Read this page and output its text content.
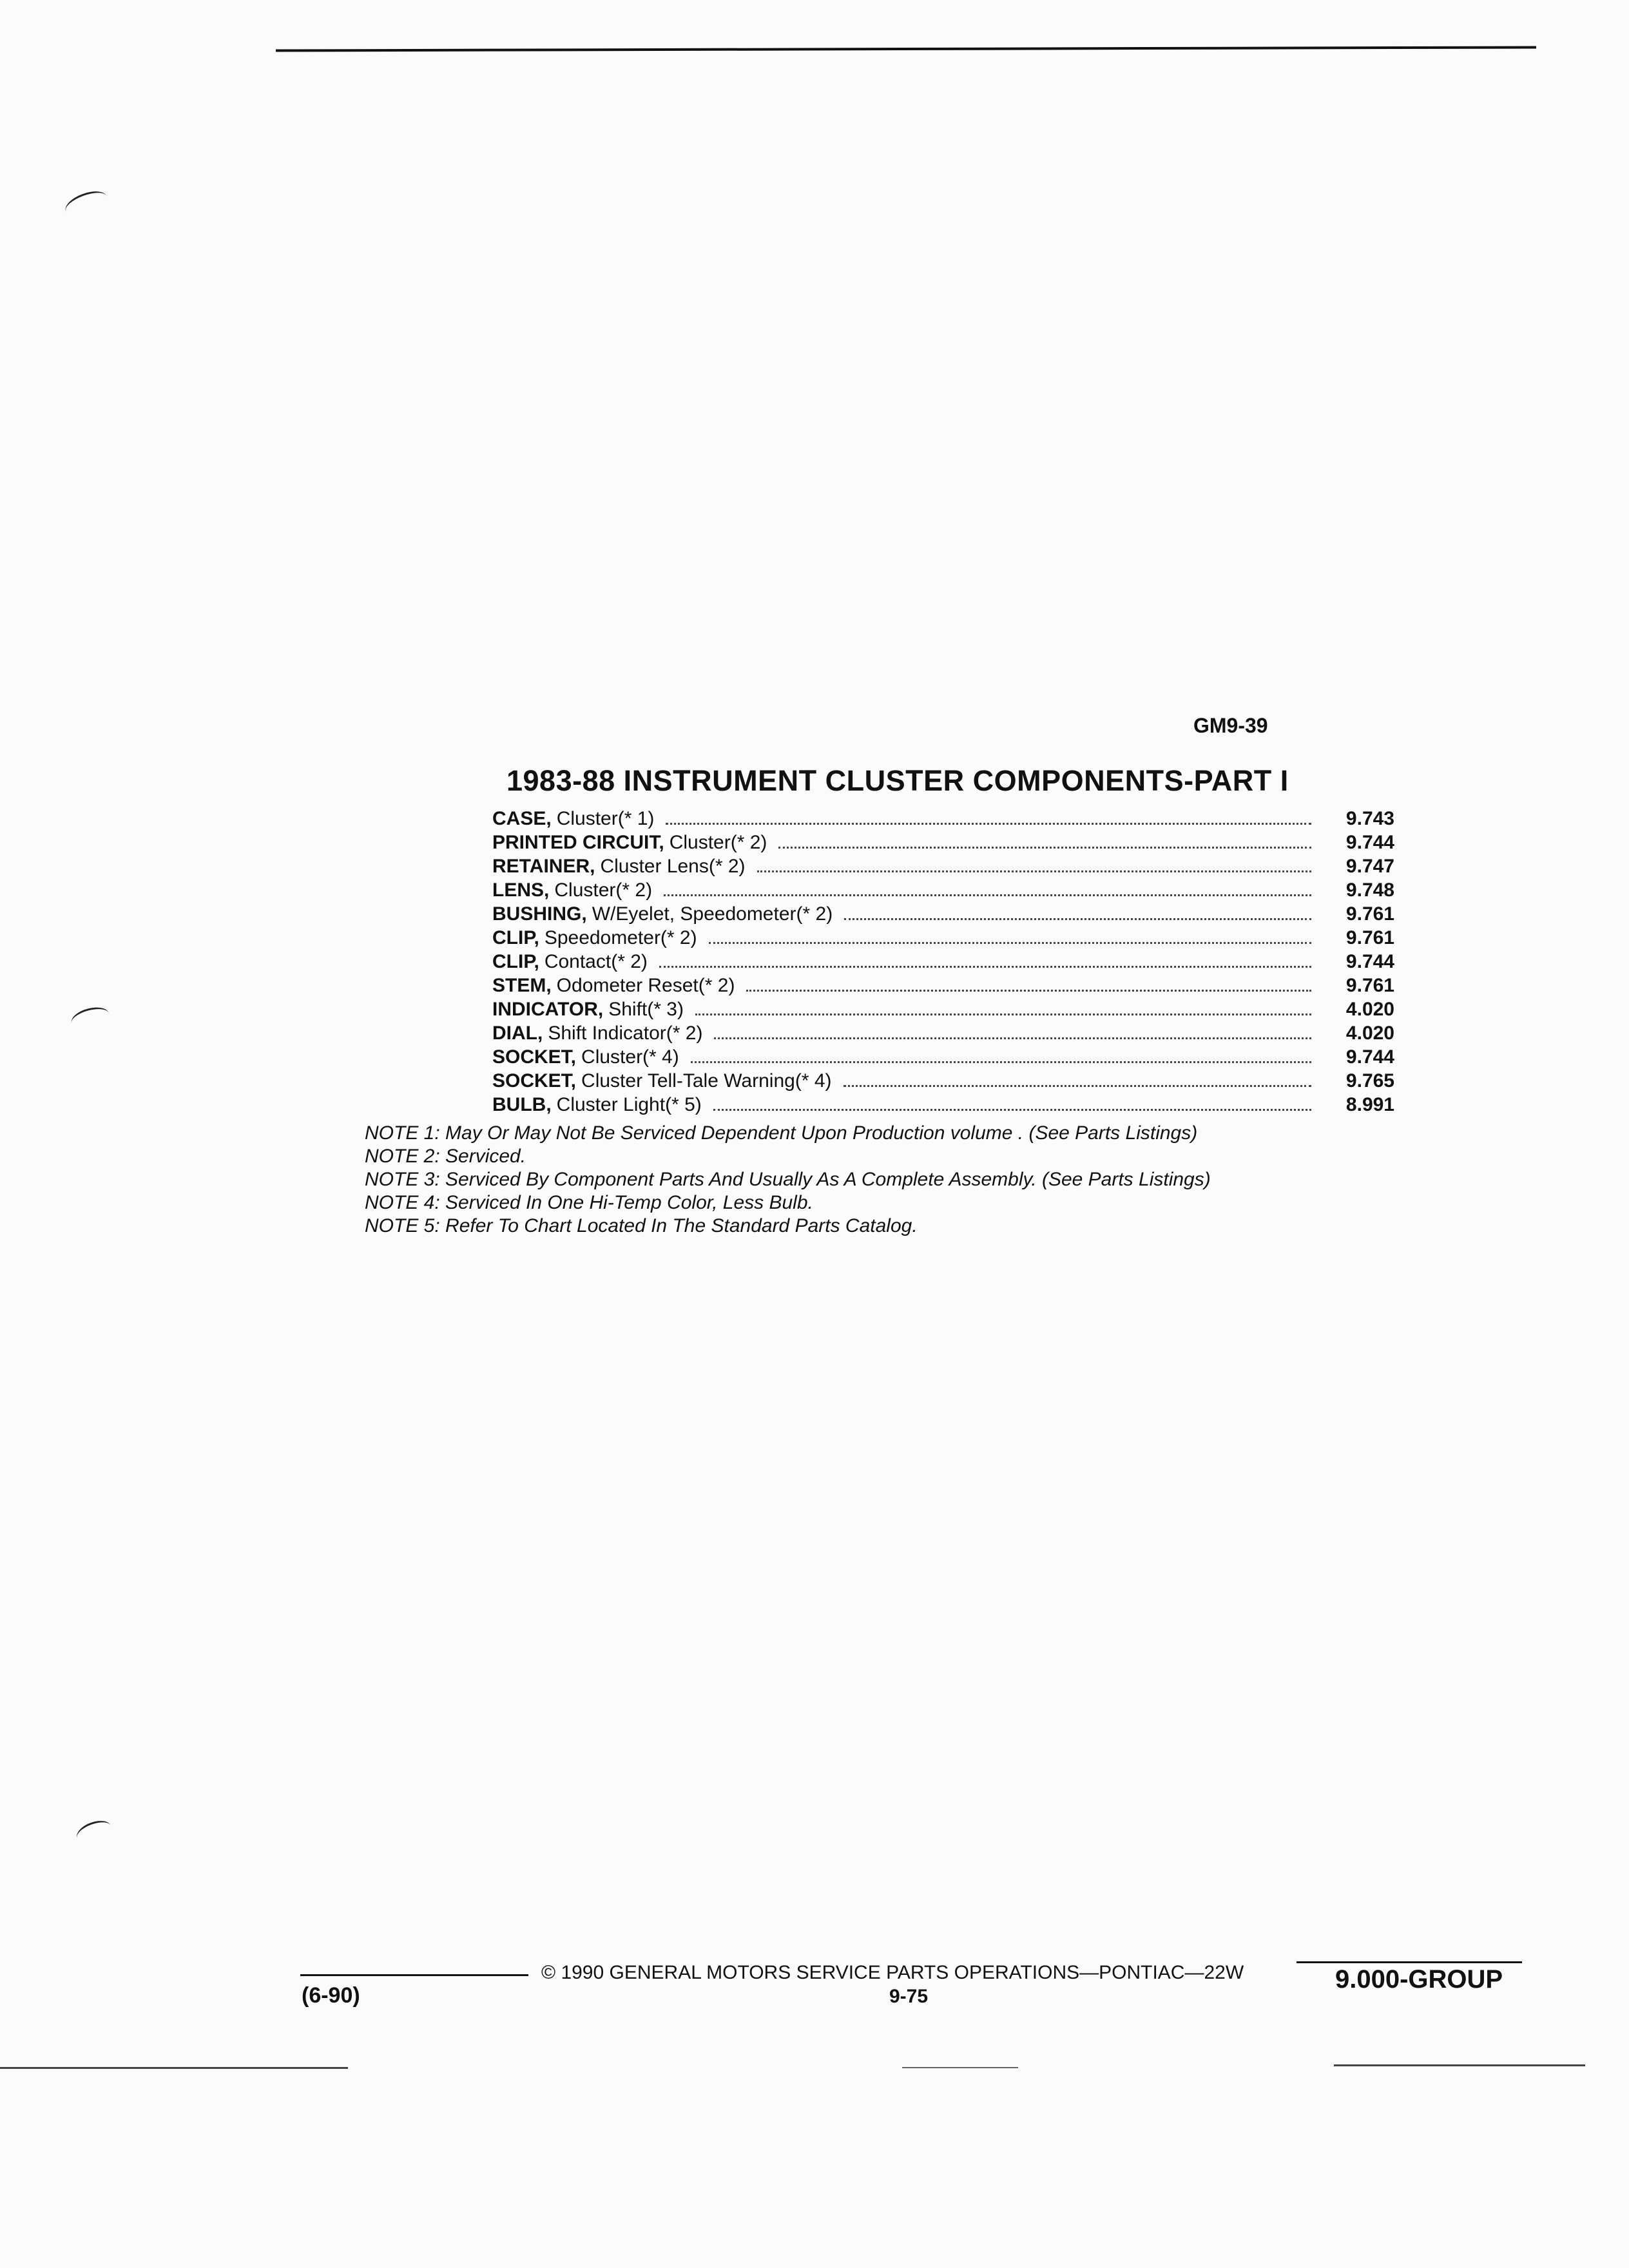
GM9-39
1983-88 INSTRUMENT CLUSTER COMPONENTS-PART I
CASE, Cluster(* 1)	9.743
PRINTED CIRCUIT, Cluster(* 2)	9.744
RETAINER, Cluster Lens(* 2)	9.747
LENS, Cluster(* 2)	9.748
BUSHING, W/Eyelet, Speedometer(* 2)	9.761
CLIP, Speedometer(* 2)	9.761
CLIP, Contact(* 2)	9.744
STEM, Odometer Reset(* 2)	9.761
INDICATOR, Shift(* 3)	4.020
DIAL, Shift Indicator(* 2)	4.020
SOCKET, Cluster(* 4)	9.744
SOCKET, Cluster Tell-Tale Warning(* 4)	9.765
BULB, Cluster Light(* 5)	8.991
NOTE 1: May Or May Not Be Serviced Dependent Upon Production volume . (See Parts Listings)
NOTE 2: Serviced.
NOTE 3: Serviced By Component Parts And Usually As A Complete Assembly. (See Parts Listings)
NOTE 4: Serviced In One Hi-Temp Color, Less Bulb.
NOTE 5: Refer To Chart Located In The Standard Parts Catalog.
© 1990 GENERAL MOTORS SERVICE PARTS OPERATIONS—PONTIAC—22W
(6-90)	9-75
9.000-GROUP
